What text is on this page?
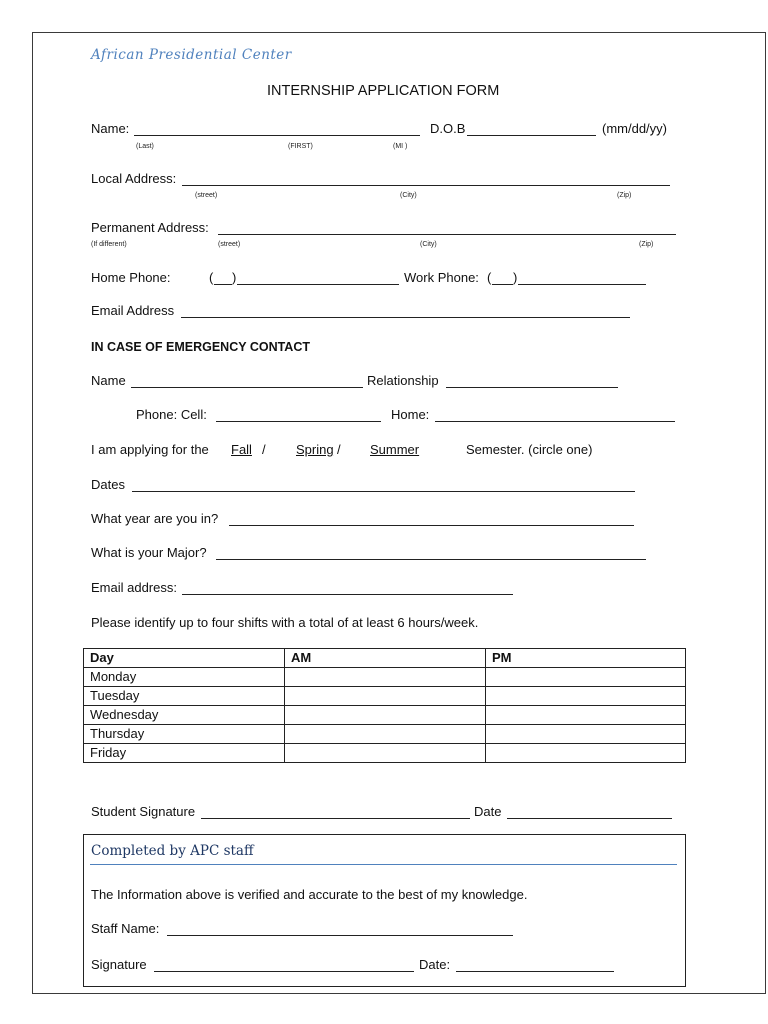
African Presidential Center
INTERNSHIP APPLICATION FORM
Name:
(Last)	(FIRST)	(MI )
D.O.B	(mm/dd/yy)
Local Address:
(street)	(City)	(Zip)
Permanent Address:
(If different)	(street)	(City)	(Zip)
Home Phone:	( )	Work Phone: ( )
Email Address
IN CASE OF EMERGENCY CONTACT
Name	Relationship
Phone: Cell:	Home:
I am applying for the Fall / Spring / Summer	Semester. (circle one)
Dates
What year are you in?
What is your Major?
Email address:
Please identify up to four shifts with a total of at least 6 hours/week.
Day	AM	PM
Monday		
Tuesday		
Wednesday		
Thursday		
Friday		
Student Signature	Date
Completed by APC staff
The Information above is verified and accurate to the best of my knowledge.
Staff Name:
Signature	Date:
